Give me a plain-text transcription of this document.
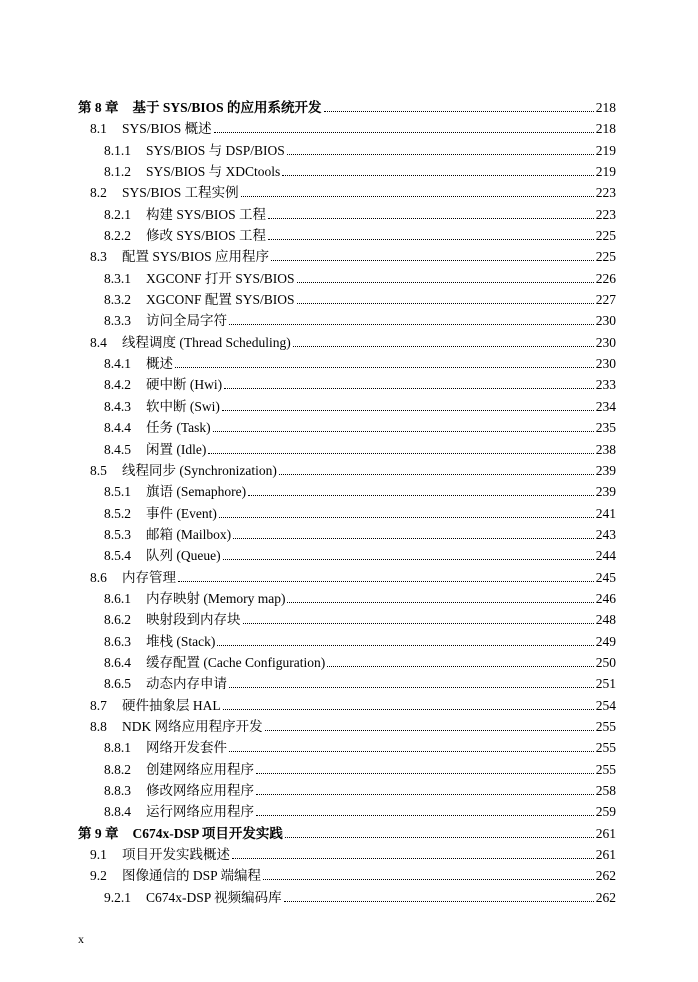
第 8 章 基于 SYS/BIOS 的应用系统开发	218
8.1	SYS/BIOS 概述	218
8.1.1	SYS/BIOS 与 DSP/BIOS	219
8.1.2	SYS/BIOS 与 XDCtools	219
8.2	SYS/BIOS 工程实例	223
8.2.1	构建 SYS/BIOS 工程	223
8.2.2	修改 SYS/BIOS 工程	225
8.3	配置 SYS/BIOS 应用程序	225
8.3.1	XGCONF 打开 SYS/BIOS	226
8.3.2	XGCONF 配置 SYS/BIOS	227
8.3.3	访问全局字符	230
8.4	线程调度 (Thread Scheduling)	230
8.4.1	概述	230
8.4.2	硬中断 (Hwi)	233
8.4.3	软中断 (Swi)	234
8.4.4	任务 (Task)	235
8.4.5	闲置 (Idle)	238
8.5	线程同步 (Synchronization)	239
8.5.1	旗语 (Semaphore)	239
8.5.2	事件 (Event)	241
8.5.3	邮箱 (Mailbox)	243
8.5.4	队列 (Queue)	244
8.6	内存管理	245
8.6.1	内存映射 (Memory map)	246
8.6.2	映射段到内存块	248
8.6.3	堆栈 (Stack)	249
8.6.4	缓存配置 (Cache Configuration)	250
8.6.5	动态内存申请	251
8.7	硬件抽象层 HAL	254
8.8	NDK 网络应用程序开发	255
8.8.1	网络开发套件	255
8.8.2	创建网络应用程序	255
8.8.3	修改网络应用程序	258
8.8.4	运行网络应用程序	259
第 9 章 C674x-DSP 项目开发实践	261
9.1	项目开发实践概述	261
9.2	图像通信的 DSP 端编程	262
9.2.1	C674x-DSP 视频编码库	262
x
